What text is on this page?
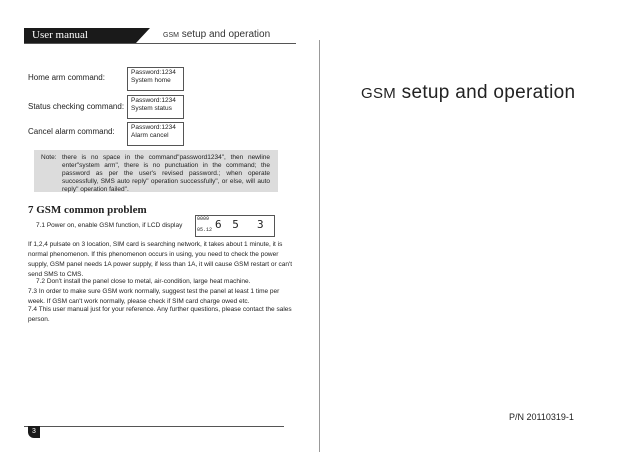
User manual	GSM setup and operation
Home arm command:
Password:1234
System home
Status checking command:
Password:1234
System status
Cancel alarm command:	Password:1234
Alarm cancel
Note: there is no space in the command"password1234", then newline enter"system arm", there is no punctuation in the command; the password as per the user's revised password.; when operate successfully, SMS auto reply" operation successfully", or else, will auto reply" operation failed".
7 GSM common problem
7.1 Power on, enable GSM function, if LCD display
0009
05.12 6 5 3
If 1,2,4 pulsate on 3 location, SIM card is searching network, it takes about 1 minute, it is normal phenomenon. If this phenomenon occurs in using, you need to check the power supply, GSM panel needs 1A power supply, if less than 1A, it will cause GSM restart or can't send SMS to CMS.
7.2 Don't install the panel close to metal, air-condition, large heat machine.
7.3 In order to make sure GSM work normally, suggest test the panel at least 1 time per week. If GSM can't work normally, please check if SIM card charge owed etc.
7.4 This user manual just for your reference. Any further questions, please contact the sales person.
3
GSM setup and operation
P/N 20110319-1
